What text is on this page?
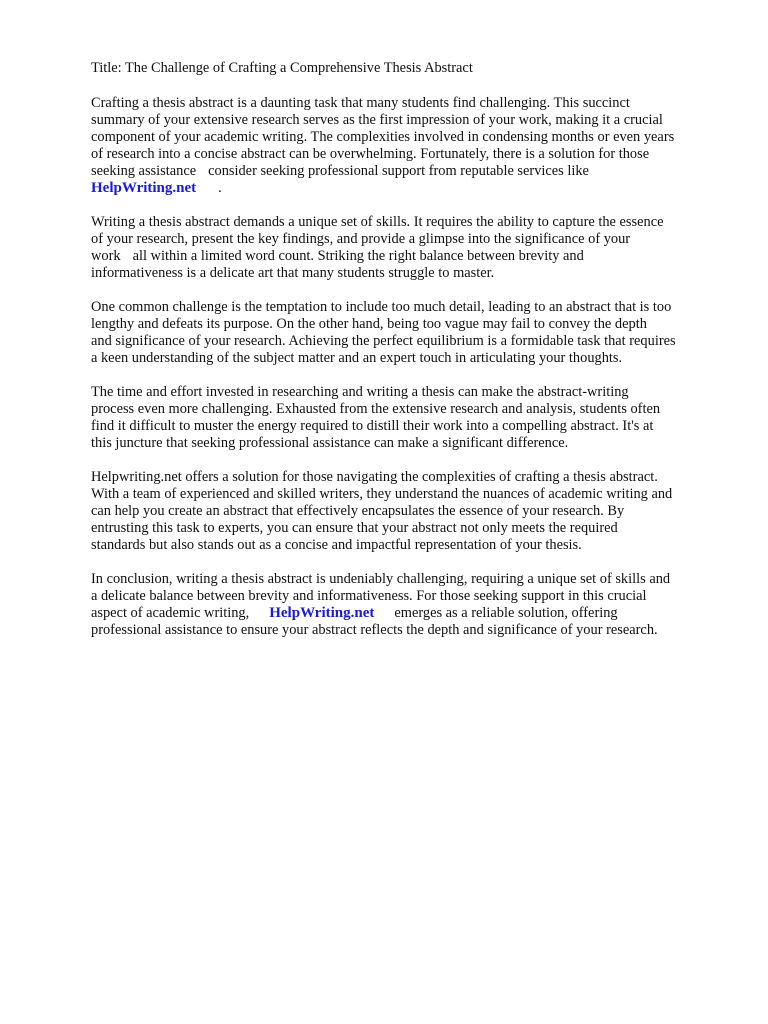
Title: The Challenge of Crafting a Comprehensive Thesis Abstract

Crafting a thesis abstract is a daunting task that many students find challenging. This succinct
summary of your extensive research serves as the first impression of your work, making it a crucial
component of your academic writing. The complexities involved in condensing months or even years
of research into a concise abstract can be overwhelming. Fortunately, there is a solution for those
seeking assistance consider seeking professional support from reputable services like
HelpWriting.net .

Writing a thesis abstract demands a unique set of skills. It requires the ability to capture the essence
of your research, present the key findings, and provide a glimpse into the significance of your
work all within a limited word count. Striking the right balance between brevity and
informativeness is a delicate art that many students struggle to master.

One common challenge is the temptation to include too much detail, leading to an abstract that is too
lengthy and defeats its purpose. On the other hand, being too vague may fail to convey the depth
and significance of your research. Achieving the perfect equilibrium is a formidable task that requires
a keen understanding of the subject matter and an expert touch in articulating your thoughts.

The time and effort invested in researching and writing a thesis can make the abstract-writing
process even more challenging. Exhausted from the extensive research and analysis, students often
find it difficult to muster the energy required to distill their work into a compelling abstract. It's at
this juncture that seeking professional assistance can make a significant difference.

Helpwriting.net offers a solution for those navigating the complexities of crafting a thesis abstract.
With a team of experienced and skilled writers, they understand the nuances of academic writing and
can help you create an abstract that effectively encapsulates the essence of your research. By
entrusting this task to experts, you can ensure that your abstract not only meets the required
standards but also stands out as a concise and impactful representation of your thesis.

In conclusion, writing a thesis abstract is undeniably challenging, requiring a unique set of skills and
a delicate balance between brevity and informativeness. For those seeking support in this crucial
aspect of academic writing, HelpWriting.net emerges as a reliable solution, offering
professional assistance to ensure your abstract reflects the depth and significance of your research.
